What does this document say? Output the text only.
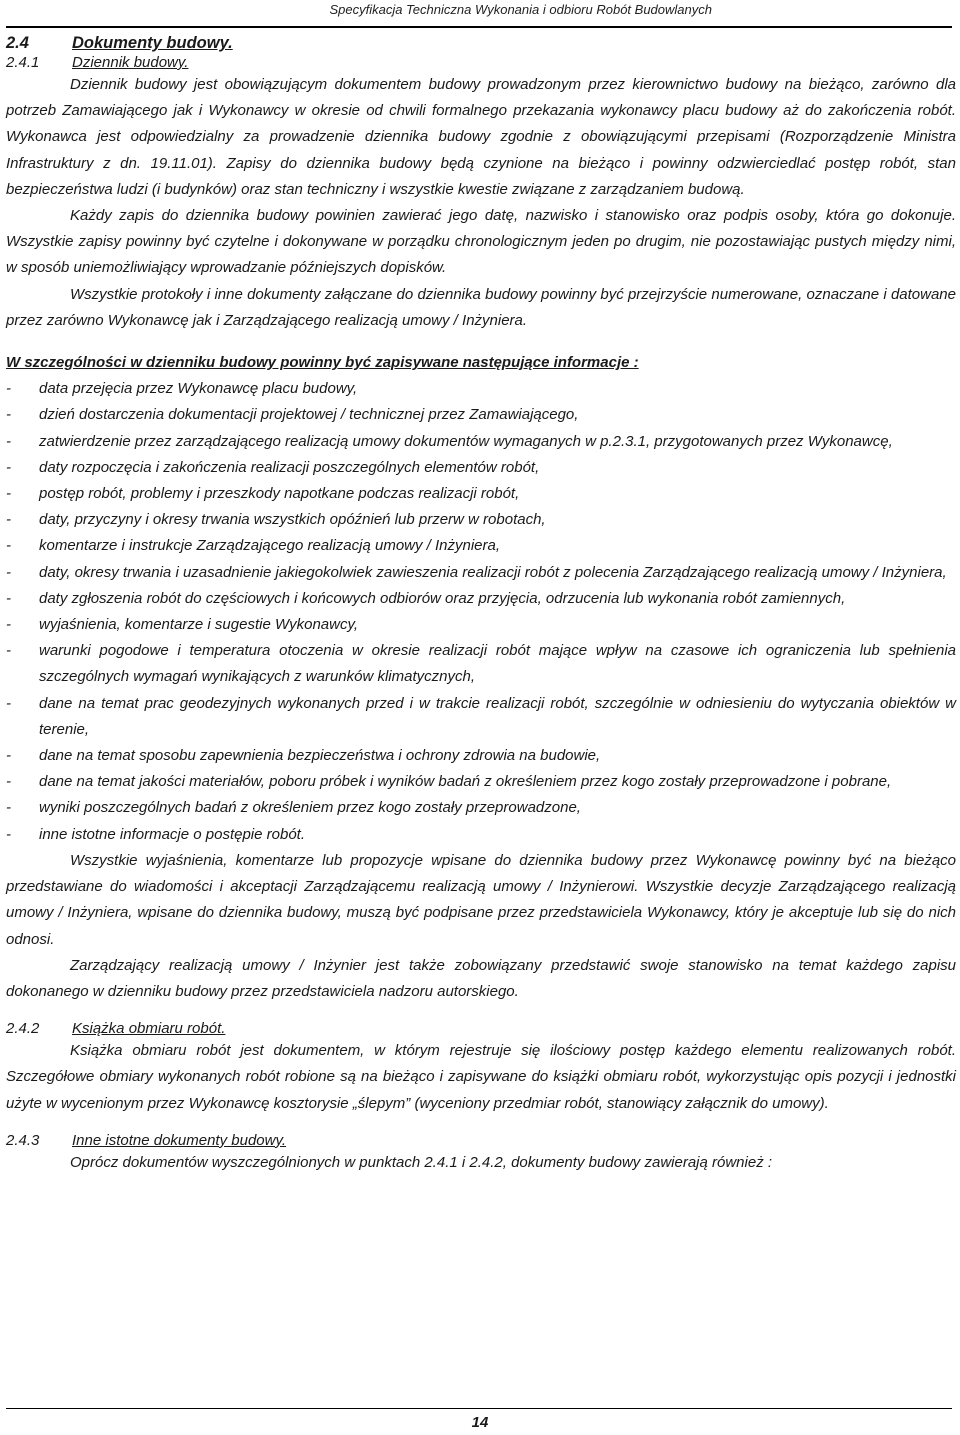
Specyfikacja Techniczna Wykonania i odbioru Robót Budowlanych

2.4	Dokumenty budowy.

2.4.1 Dziennik budowy.

Dziennik budowy jest obowiązującym dokumentem budowy prowadzonym przez kierownictwo budowy na bieżąco, zarówno dla potrzeb Zamawiającego jak i Wykonawcy w okresie od chwili formalnego przekazania wykonawcy placu budowy aż do zakończenia robót. Wykonawca jest odpowiedzialny za prowadzenie dziennika budowy zgodnie z obowiązującymi przepisami (Rozporządzenie Ministra Infrastruktury z dn. 19.11.01). Zapisy do dziennika budowy będą czynione na bieżąco i powinny odzwierciedlać postęp robót, stan bezpieczeństwa ludzi (i budynków) oraz stan techniczny i wszystkie kwestie związane z zarządzaniem budową.

Każdy zapis do dziennika budowy powinien zawierać jego datę, nazwisko i stanowisko oraz podpis osoby, która go dokonuje. Wszystkie zapisy powinny być czytelne i dokonywane w porządku chronologicznym jeden po drugim, nie pozostawiając pustych między nimi, w sposób uniemożliwiający wprowadzanie późniejszych dopisków.

Wszystkie protokoły i inne dokumenty załączane do dziennika budowy powinny być przejrzyście numerowane, oznaczane i datowane przez zarówno Wykonawcę jak i Zarządzającego realizacją umowy / Inżyniera.

W szczególności w dzienniku budowy powinny być zapisywane następujące informacje :

- data przejęcia przez Wykonawcę placu budowy,
- dzień dostarczenia dokumentacji projektowej / technicznej przez Zamawiającego,
- zatwierdzenie przez zarządzającego realizacją umowy dokumentów wymaganych w p.2.3.1, przygotowanych przez Wykonawcę,
- daty rozpoczęcia i zakończenia realizacji poszczególnych elementów robót,
- postęp robót, problemy i przeszkody napotkane podczas realizacji robót,
- daty, przyczyny i okresy trwania wszystkich opóźnień lub przerw w robotach,
- komentarze i instrukcje Zarządzającego realizacją umowy / Inżyniera,
- daty, okresy trwania i uzasadnienie jakiegokolwiek zawieszenia realizacji robót z polecenia Zarządzającego realizacją umowy / Inżyniera,
- daty zgłoszenia robót do częściowych i końcowych odbiorów oraz przyjęcia, odrzucenia lub wykonania robót zamiennych,
- wyjaśnienia, komentarze i sugestie Wykonawcy,
- warunki pogodowe i temperatura otoczenia w okresie realizacji robót mające wpływ na czasowe ich ograniczenia lub spełnienia szczególnych wymagań wynikających z warunków klimatycznych,
- dane na temat prac geodezyjnych wykonanych przed i w trakcie realizacji robót, szczególnie w odniesieniu do wytyczania obiektów w terenie,
- dane na temat sposobu zapewnienia bezpieczeństwa i ochrony zdrowia na budowie,
- dane na temat jakości materiałów, poboru próbek i wyników badań z określeniem przez kogo zostały przeprowadzone i pobrane,
- wyniki poszczególnych badań z określeniem przez kogo zostały przeprowadzone,
- inne istotne informacje o postępie robót.

Wszystkie wyjaśnienia, komentarze lub propozycje wpisane do dziennika budowy przez Wykonawcę powinny być na bieżąco przedstawiane do wiadomości i akceptacji Zarządzającemu realizacją umowy / Inżynierowi. Wszystkie decyzje Zarządzającego realizacją umowy / Inżyniera, wpisane do dziennika budowy, muszą być podpisane przez przedstawiciela Wykonawcy, który je akceptuje lub się do nich odnosi.

Zarządzający realizacją umowy / Inżynier jest także zobowiązany przedstawić swoje stanowisko na temat każdego zapisu dokonanego w dzienniku budowy przez przedstawiciela nadzoru autorskiego.

2.4.2 Książka obmiaru robót.

Książka obmiaru robót jest dokumentem, w którym rejestruje się ilościowy postęp każdego elementu realizowanych robót. Szczegółowe obmiary wykonanych robót robione są na bieżąco i zapisywane do książki obmiaru robót, wykorzystując opis pozycji i jednostki użyte w wycenionym przez Wykonawcę kosztorysie „ślepym” (wyceniony przedmiar robót, stanowiący załącznik do umowy).

2.4.3 Inne istotne dokumenty budowy.

Oprócz dokumentów wyszczególnionych w punktach 2.4.1 i 2.4.2, dokumenty budowy zawierają również :

14
